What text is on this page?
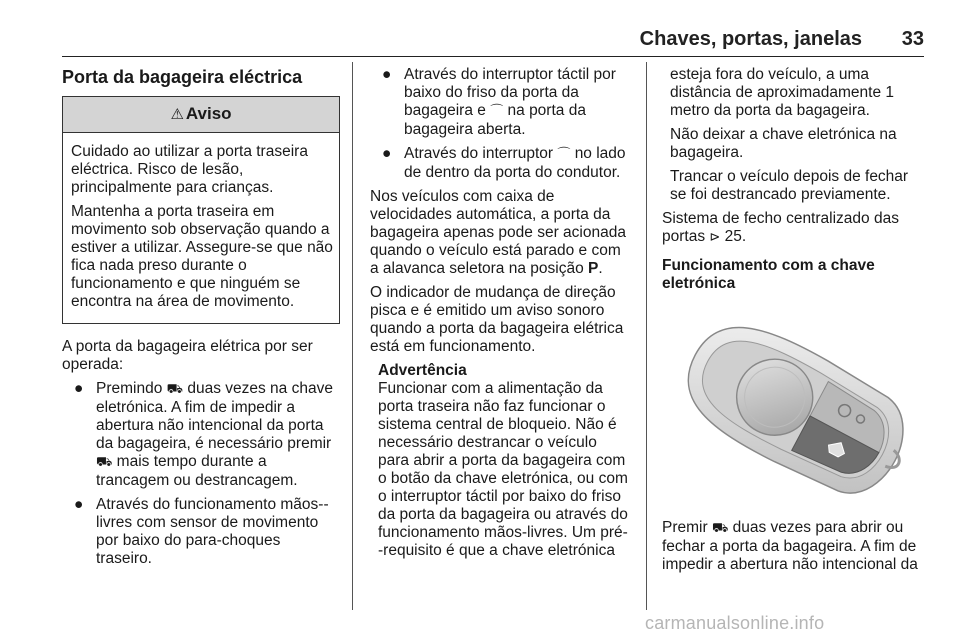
Chaves, portas, janelas 33
Porta da bagageira eléctrica
⚠ Aviso

Cuidado ao utilizar a porta traseira eléctrica. Risco de lesão, principalmente para crianças.

Mantenha a porta traseira em movimento sob observação quando a estiver a utilizar. Assegure-se que não fica nada preso durante o funcionamento e que ninguém se encontra na área de movimento.

A porta da bagageira elétrica por ser operada:

● Premindo ⛟ duas vezes na chave eletrónica. A fim de impedir a abertura não intencional da porta da bagageira, é necessário premir ⛟ mais tempo durante a trancagem ou destrancagem.
● Através do funcionamento mãos--livres com sensor de movimento por baixo do para-choques traseiro.
● Através do interruptor táctil por baixo do friso da porta da bagageira e ⌒ na porta da bagageira aberta.
● Através do interruptor ⌒ no lado de dentro da porta do condutor.

Nos veículos com caixa de velocidades automática, a porta da bagageira apenas pode ser acionada quando o veículo está parado e com a alavanca seletora na posição P.

O indicador de mudança de direção pisca e é emitido um aviso sonoro quando a porta da bagageira elétrica está em funcionamento.

Advertência
Funcionar com a alimentação da porta traseira não faz funcionar o sistema central de bloqueio. Não é necessário destrancar o veículo para abrir a porta da bagageira com o botão da chave eletrónica, ou com o interruptor táctil por baixo do friso da porta da bagageira ou através do funcionamento mãos-livres. Um pré--requisito é que a chave eletrónica

esteja fora do veículo, a uma distância de aproximadamente 1 metro da porta da bagageira.

Não deixar a chave eletrónica na bagageira.

Trancar o veículo depois de fechar se foi destrancado previamente.

Sistema de fecho centralizado das portas ⊳ 25.

Funcionamento com a chave eletrónica

Premir ⛟ duas vezes para abrir ou fechar a porta da bagageira. A fim de impedir a abertura não intencional da

carmanualsonline.info
